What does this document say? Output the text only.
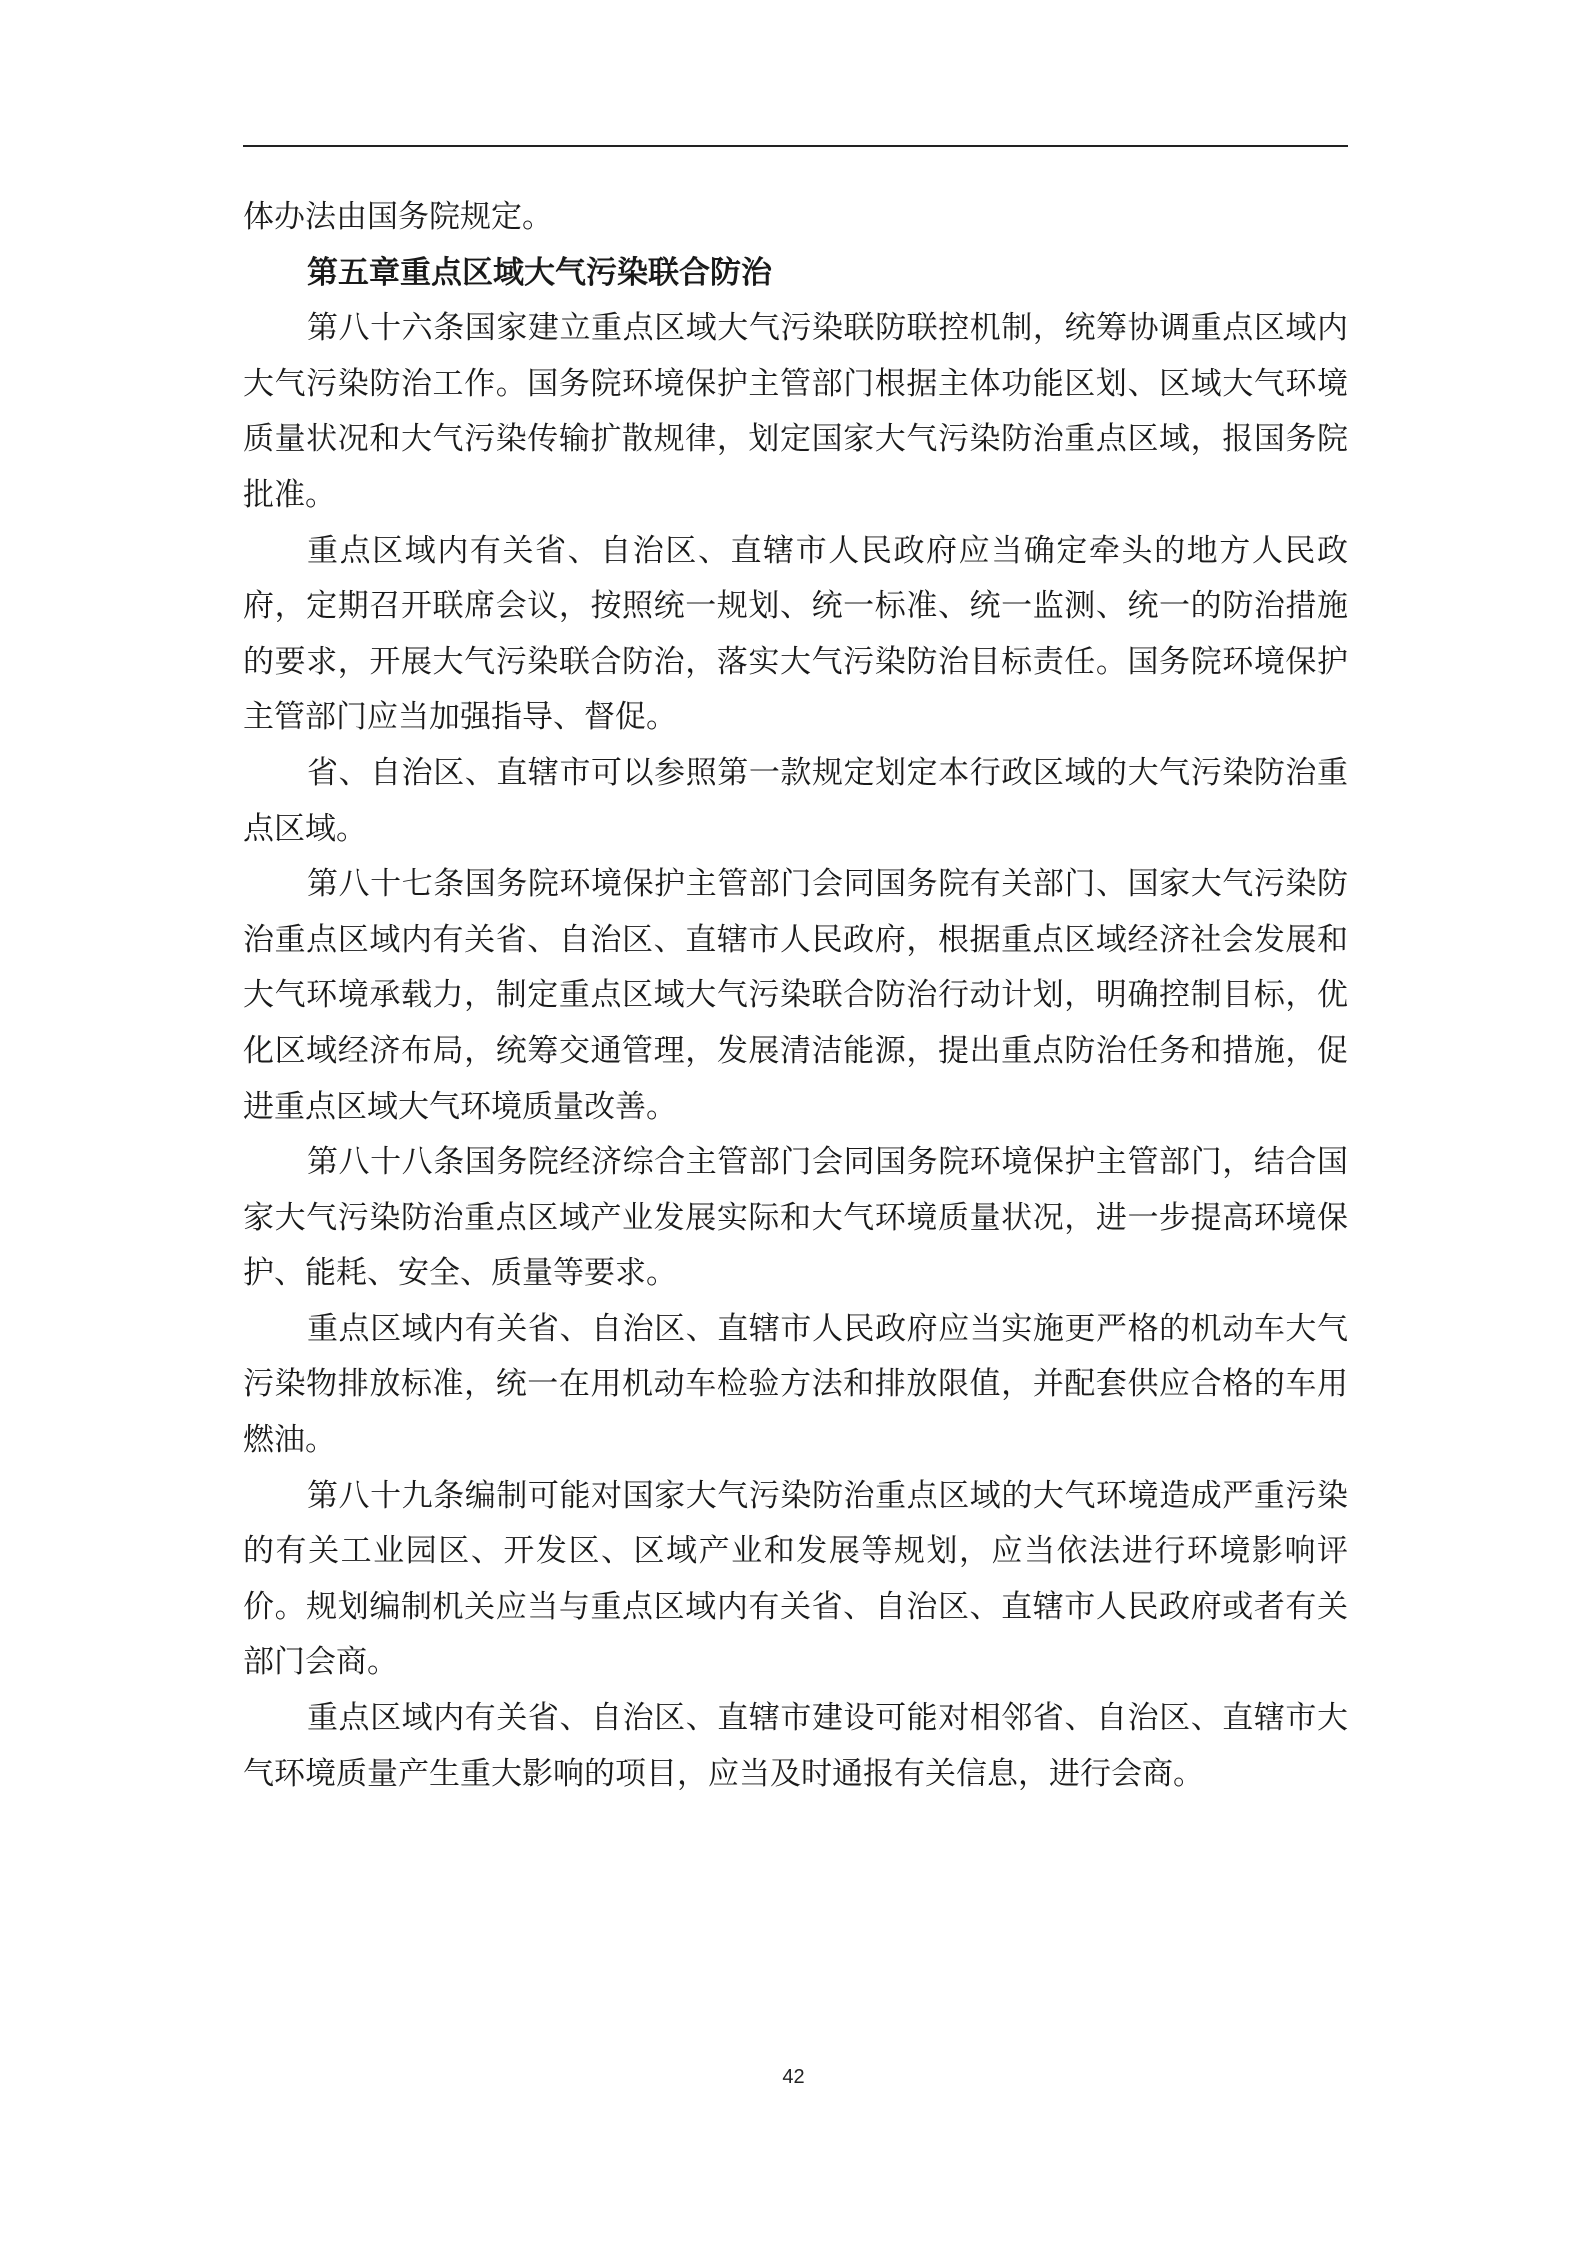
体办法由国务院规定。

第五章重点区域大气污染联合防治

第八十六条国家建立重点区域大气污染联防联控机制，统筹协调重点区域内大气污染防治工作。国务院环境保护主管部门根据主体功能区划、区域大气环境质量状况和大气污染传输扩散规律，划定国家大气污染防治重点区域，报国务院批准。

重点区域内有关省、自治区、直辖市人民政府应当确定牵头的地方人民政府，定期召开联席会议，按照统一规划、统一标准、统一监测、统一的防治措施的要求，开展大气污染联合防治，落实大气污染防治目标责任。国务院环境保护主管部门应当加强指导、督促。

省、自治区、直辖市可以参照第一款规定划定本行政区域的大气污染防治重点区域。

第八十七条国务院环境保护主管部门会同国务院有关部门、国家大气污染防治重点区域内有关省、自治区、直辖市人民政府，根据重点区域经济社会发展和大气环境承载力，制定重点区域大气污染联合防治行动计划，明确控制目标，优化区域经济布局，统筹交通管理，发展清洁能源，提出重点防治任务和措施，促进重点区域大气环境质量改善。

第八十八条国务院经济综合主管部门会同国务院环境保护主管部门，结合国家大气污染防治重点区域产业发展实际和大气环境质量状况，进一步提高环境保护、能耗、安全、质量等要求。

重点区域内有关省、自治区、直辖市人民政府应当实施更严格的机动车大气污染物排放标准，统一在用机动车检验方法和排放限值，并配套供应合格的车用燃油。

第八十九条编制可能对国家大气污染防治重点区域的大气环境造成严重污染的有关工业园区、开发区、区域产业和发展等规划，应当依法进行环境影响评价。规划编制机关应当与重点区域内有关省、自治区、直辖市人民政府或者有关部门会商。

重点区域内有关省、自治区、直辖市建设可能对相邻省、自治区、直辖市大气环境质量产生重大影响的项目，应当及时通报有关信息，进行会商。

42
